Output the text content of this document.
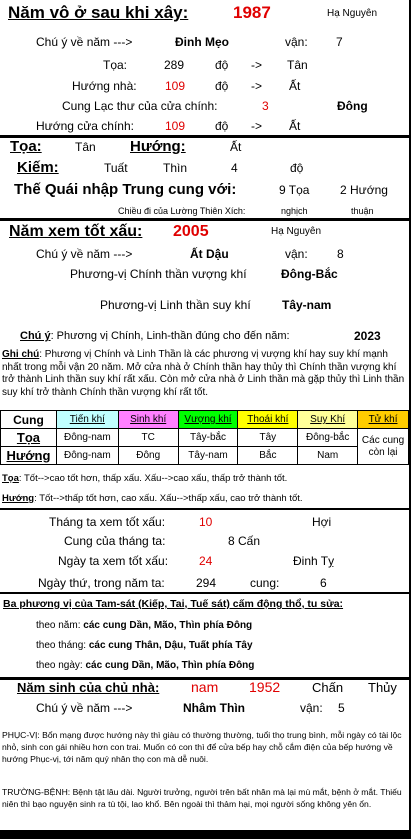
Năm vô ở sau khi xây:	1987	Hạ Nguyên
Chú ý về năm --->	Đinh Mẹo	vận: 7
Tọa:	289	độ -> Tân
Hướng nhà: 109 độ -> Ất
Cung Lạc thư của cửa chính:	3	Đông
Hướng cửa chính:	109 độ -> Ất
Tọa:	Tân Hướng:	Ất
Kiếm:	Tuất	Thìn	4	độ
Thế Quái nhập Trung cung với:	9 Tọa	2 Hướng
Chiều đi của Lường Thiên Xích:	nghịch	thuận
Năm xem tốt xấu: 2005	Hạ Nguyên
Chú ý về năm --->	Ất Dậu	vận: 8
Phương-vị Chính thần vượng khí	Đông-Bắc
Phương-vị Linh thần suy khí	Tây-nam
Chú ý: Phương vị Chính, Linh-thần đúng cho đến năm:	2023
Ghi chú: Phương vị Chính và Linh Thần là các phương vị vượng khí hay suy khí mạnh nhất trong mỗi vận 20 năm. Mở cửa nhà ở Chính thần hay thủy thì Chính thần vượng khí trở thành Linh thần suy khí rất xấu. Còn mở cửa nhà ở Linh thần mà gặp thủy thì Linh thần suy khí trở thành Chính thần vượng khí rất tốt.
Cung	Tiến khí	Sinh khí	Vượng khí	Thoái khí	Suy Khí	Tử khí
Tọa	Đông-nam	TC	Tây-bắc	Tây	Đông-bắc	Các cung còn lại
Hướng	Đông-nam	Đông	Tây-nam	Bắc	Nam	
Tọa: Tốt-->cao tốt hơn, thấp xấu. Xấu-->cao xấu, thấp trở thành tốt.
Hướng: Tốt-->thấp tốt hơn, cao xấu. Xấu-->thấp xấu, cao trở thành tốt.
Tháng ta xem tốt xấu:	10	Hợi
Cung của tháng ta:	8 Cấn
Ngày ta xem tốt xấu:	24	Đinh Tỵ
Ngày thứ, trong năm ta:	294	cung:	6
Ba phương vị của Tam-sát (Kiếp, Tai, Tuế sát) cấm động thổ, tu sửa:
theo năm: các cung Dần, Mão, Thìn phía Đông
theo tháng: các cung Thân, Dậu, Tuất phía Tây
theo ngày: các cung Dần, Mão, Thìn phía Đông
Năm sinh của chủ nhà: nam 1952 Chấn Thủy
Chú ý về năm --->	Nhâm Thìn	vận: 5
PHỤC-VỊ: Bổn mạng được hướng này thì giàu có thường thường, tuổi thọ trung bình, mỗi ngày có tài lộc nhỏ, sinh con gái nhiều hơn con trai. Muốn có con thì để cửa bếp hay chỗ cắm điện của bếp hướng về hướng Phục-vị, tới năm quý nhân thọ con mà dễ nuôi.
TRƯỜNG-BỆNH: Bệnh tật lâu dài. Người trưởng, người trên bất nhân mà lại mù mắt, bệnh ở mắt. Thiếu niên thì bạo nguyện sinh ra tù tội, lao khổ. Bên ngoài thì thảm hại, mọi người sống không yên ổn.
